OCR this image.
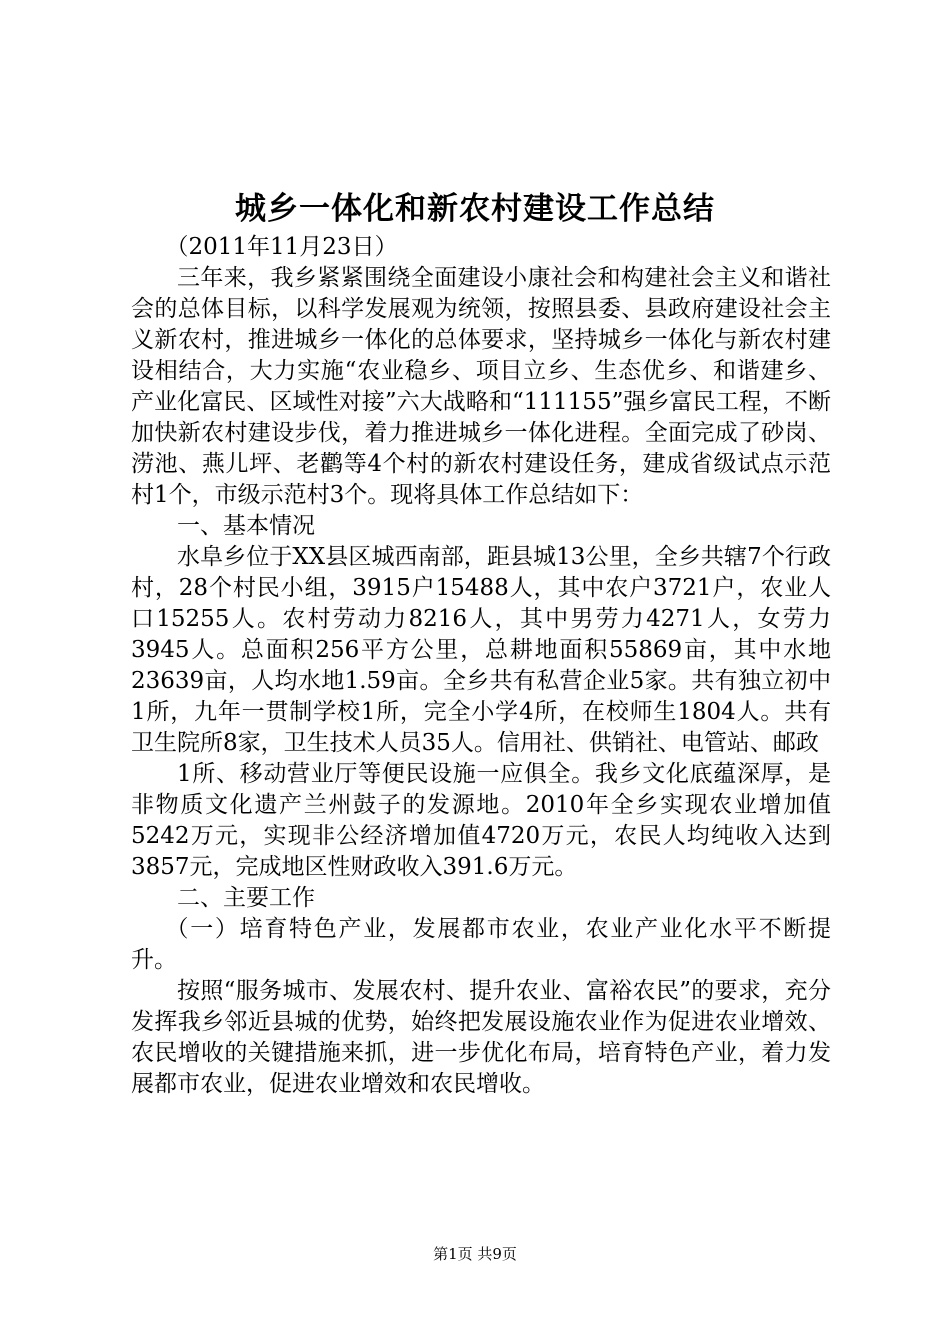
城乡一体化和新农村建设工作总结

（2011年11月23日）

三年来，我乡紧紧围绕全面建设小康社会和构建社会主义和谐社会的总体目标，以科学发展观为统领，按照县委、县政府建设社会主义新农村，推进城乡一体化的总体要求，坚持城乡一体化与新农村建设相结合，大力实施“农业稳乡、项目立乡、生态优乡、和谐建乡、产业化富民、区域性对接”六大战略和“111155”强乡富民工程，不断加快新农村建设步伐，着力推进城乡一体化进程。全面完成了砂岗、涝池、燕儿坪、老鹳等4个村的新农村建设任务，建成省级试点示范村1个，市级示范村3个。现将具体工作总结如下：

一、基本情况

水阜乡位于XX县区城西南部，距县城13公里，全乡共辖7个行政村，28个村民小组，3915户15488人，其中农户3721户，农业人口15255人。农村劳动力8216人，其中男劳力4271人，女劳力3945人。总面积256平方公里，总耕地面积55869亩，其中水地23639亩，人均水地1.59亩。全乡共有私营企业5家。共有独立初中1所，九年一贯制学校1所，完全小学4所，在校师生1804人。共有卫生院所8家，卫生技术人员35人。信用社、供销社、电管站、邮政

1所、移动营业厅等便民设施一应俱全。我乡文化底蕴深厚，是非物质文化遗产兰州鼓子的发源地。2010年全乡实现农业增加值5242万元，实现非公经济增加值4720万元，农民人均纯收入达到3857元，完成地区性财政收入391.6万元。

二、主要工作

（一）培育特色产业，发展都市农业，农业产业化水平不断提升。

按照“服务城市、发展农村、提升农业、富裕农民”的要求，充分发挥我乡邻近县城的优势，始终把发展设施农业作为促进农业增效、农民增收的关键措施来抓，进一步优化布局，培育特色产业，着力发展都市农业，促进农业增效和农民增收。

第1页 共9页
